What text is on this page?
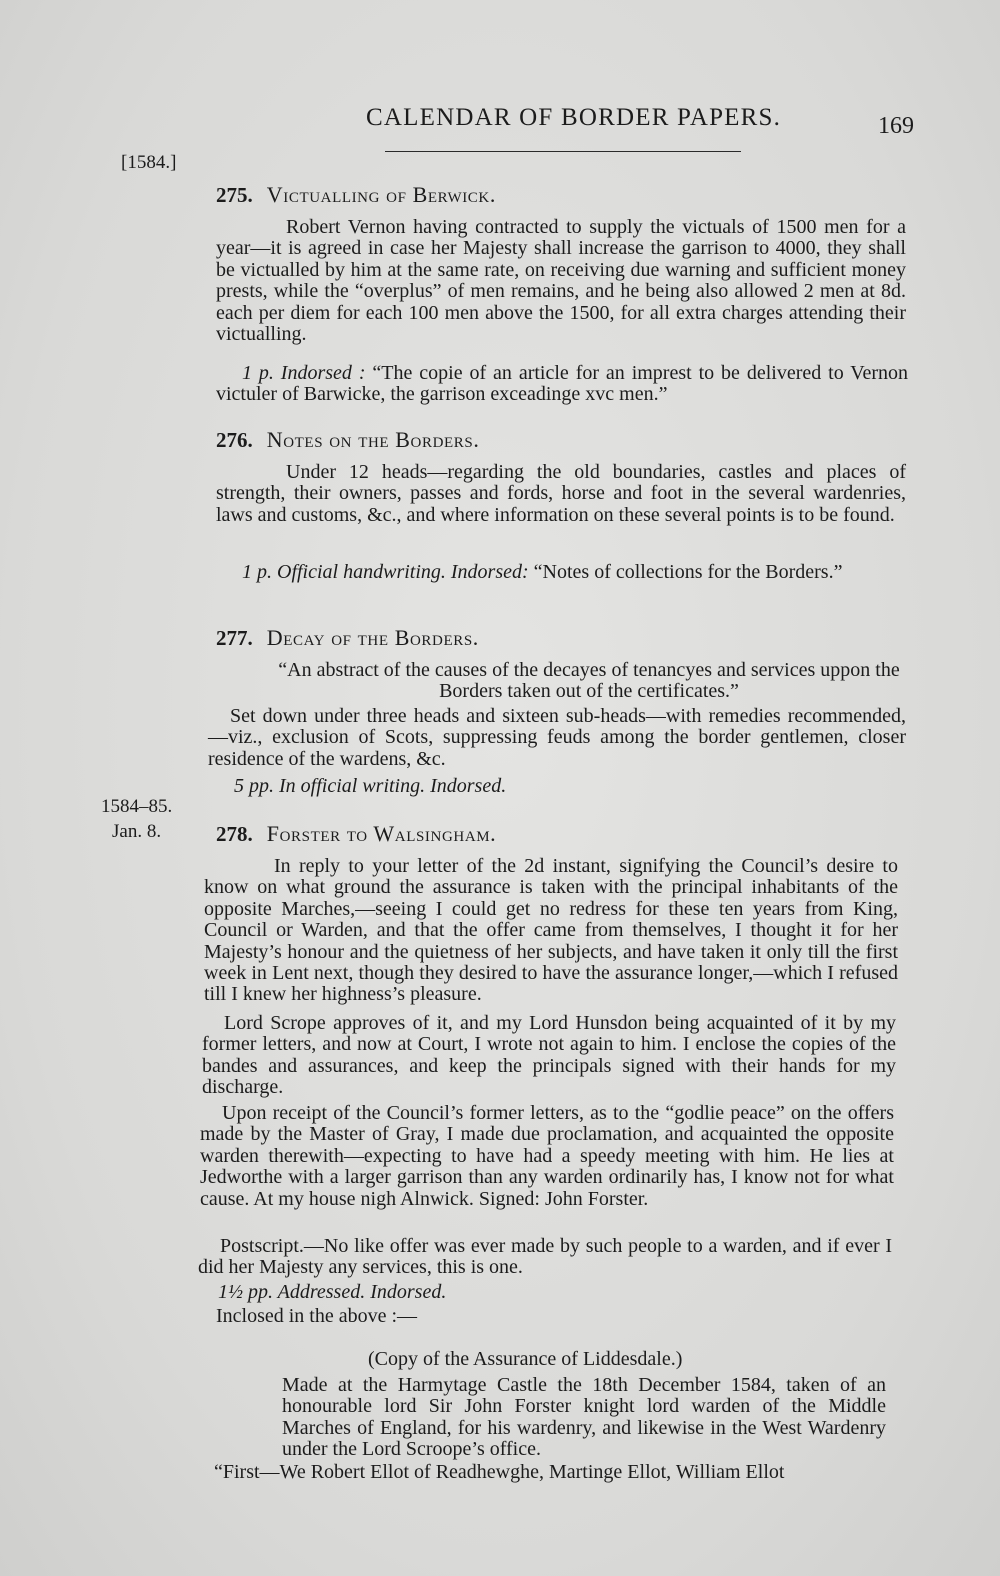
CALENDAR OF BORDER PAPERS.	169
[1584.]
275. Victualling of Berwick.
Robert Vernon having contracted to supply the victuals of 1500 men for a year—it is agreed in case her Majesty shall increase the garrison to 4000, they shall be victualled by him at the same rate, on receiving due warning and sufficient money prests, while the “overplus” of men remains, and he being also allowed 2 men at 8d. each per diem for each 100 men above the 1500, for all extra charges attending their victualling.
1 p. Indorsed : “The copie of an article for an imprest to be delivered to Vernon victuler of Barwicke, the garrison exceadinge xvc men.”
276. Notes on the Borders.
Under 12 heads—regarding the old boundaries, castles and places of strength, their owners, passes and fords, horse and foot in the several wardenries, laws and customs, &c., and where information on these several points is to be found.
1 p. Official handwriting. Indorsed: “Notes of collections for the Borders.”
277. Decay of the Borders.
“An abstract of the causes of the decayes of tenancyes and services uppon the Borders taken out of the certificates.”
Set down under three heads and sixteen sub-heads—with remedies recommended,—viz., exclusion of Scots, suppressing feuds among the border gentlemen, closer residence of the wardens, &c.
5 pp. In official writing. Indorsed.
1584–85.
Jan. 8.	278. Forster to Walsingham.
In reply to your letter of the 2d instant, signifying the Council’s desire to know on what ground the assurance is taken with the principal inhabitants of the opposite Marches,—seeing I could get no redress for these ten years from King, Council or Warden, and that the offer came from themselves, I thought it for her Majesty’s honour and the quietness of her subjects, and have taken it only till the first week in Lent next, though they desired to have the assurance longer,—which I refused till I knew her highness’s pleasure.
Lord Scrope approves of it, and my Lord Hunsdon being acquainted of it by my former letters, and now at Court, I wrote not again to him. I enclose the copies of the bandes and assurances, and keep the principals signed with their hands for my discharge.
Upon receipt of the Council’s former letters, as to the “godlie peace” on the offers made by the Master of Gray, I made due proclamation, and acquainted the opposite warden therewith—expecting to have had a speedy meeting with him. He lies at Jedworthe with a larger garrison than any warden ordinarily has, I know not for what cause. At my house nigh Alnwick. Signed: John Forster.
Postscript.—No like offer was ever made by such people to a warden, and if ever I did her Majesty any services, this is one.
1½ pp. Addressed. Indorsed.
Inclosed in the above :—
(Copy of the Assurance of Liddesdale.)
Made at the Harmytage Castle the 18th December 1584, taken of an honourable lord Sir John Forster knight lord warden of the Middle Marches of England, for his wardenry, and likewise in the West Wardenry under the Lord Scroope’s office.
“First—We Robert Ellot of Readhewghe, Martinge Ellot, William Ellot
